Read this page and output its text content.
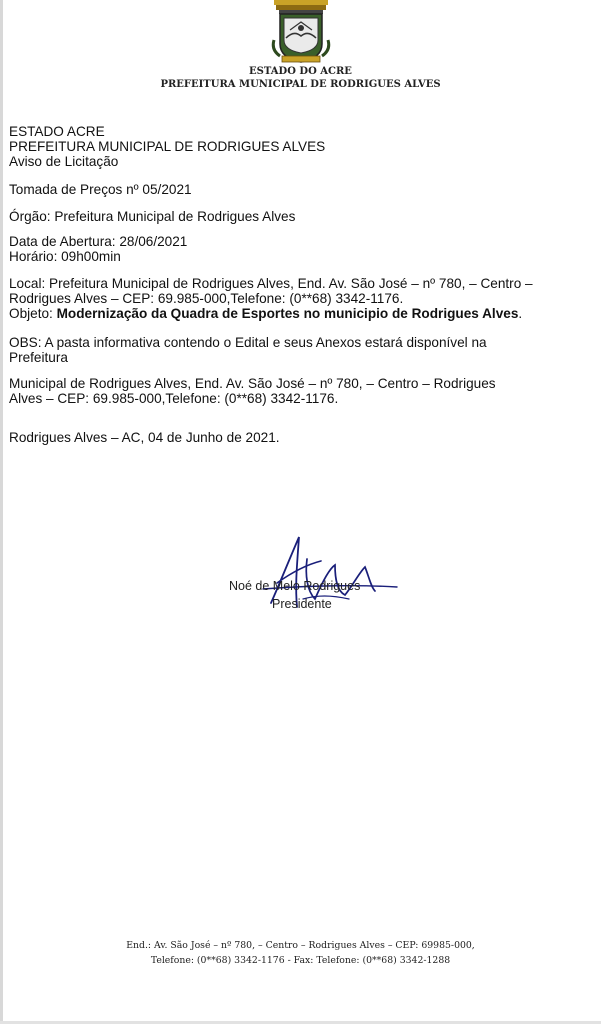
ESTADO DO ACRE
PREFEITURA MUNICIPAL DE RODRIGUES ALVES
ESTADO ACRE
PREFEITURA MUNICIPAL DE RODRIGUES ALVES
Aviso de Licitação
Tomada de Preços nº 05/2021
Órgão: Prefeitura Municipal de Rodrigues Alves
Data de Abertura: 28/06/2021
Horário: 09h00min
Local: Prefeitura Municipal de Rodrigues Alves, End. Av. São José – nº 780, – Centro –
Rodrigues Alves – CEP: 69.985-000,Telefone: (0**68) 3342-1176.
Objeto: Modernização da Quadra de Esportes no municipio de Rodrigues Alves.
OBS: A pasta informativa contendo o Edital e seus Anexos estará disponível na
Prefeitura
Municipal de Rodrigues Alves, End. Av. São José – nº 780, – Centro – Rodrigues
Alves – CEP: 69.985-000,Telefone: (0**68) 3342-1176.
Rodrigues Alves – AC, 04 de Junho de 2021.
Noé de Melo Rodrigues
Presidente
End.: Av. São José – nº 780, – Centro – Rodrigues Alves – CEP: 69985-000,
Telefone: (0**68) 3342-1176 - Fax: Telefone: (0**68) 3342-1288
